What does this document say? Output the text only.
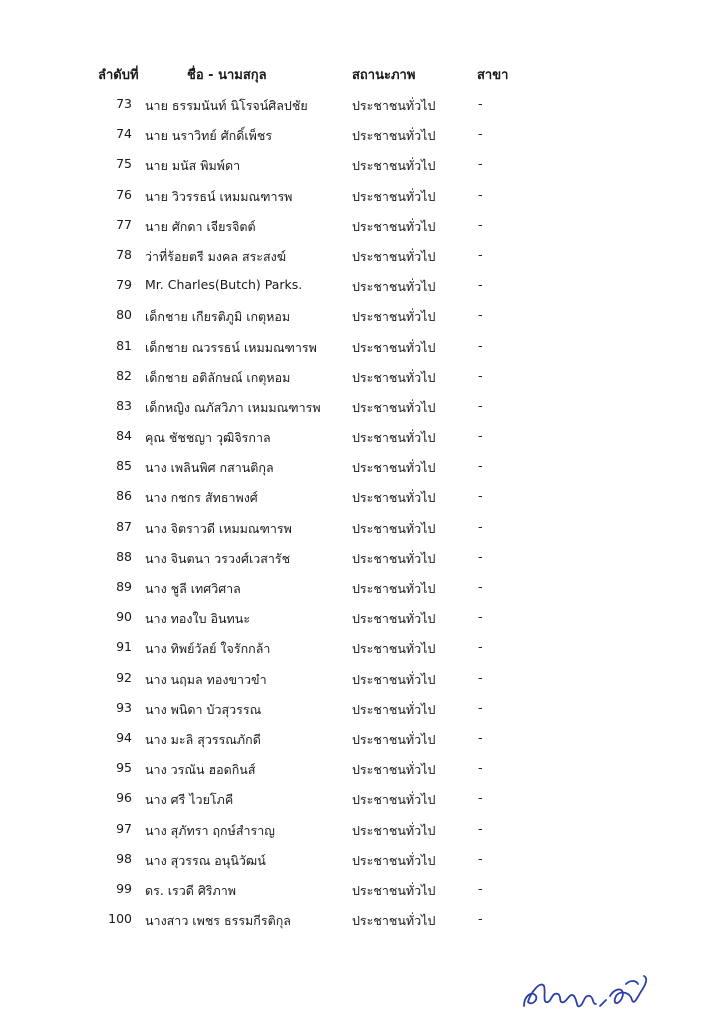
ลำดับที่	ชื่อ - นามสกุล	สถานะภาพ	สาขา
73 นาย ธรรมนันท์ นิโรจน์ศิลปชัย	ประชาชนทั่วไป	-
74 นาย นราวิทย์ ศักดิ์เพ็ชร	ประชาชนทั่วไป	-
75 นาย มนัส พิมพ์ดา	ประชาชนทั่วไป	-
76 นาย วิวรรธน์ เหมมณฑารพ	ประชาชนทั่วไป	-
77 นาย ศักดา เจียรจิตต์	ประชาชนทั่วไป	-
78 ว่าที่ร้อยตรี มงคล สระสงฆ์	ประชาชนทั่วไป	-
79 Mr. Charles(Butch) Parks.	ประชาชนทั่วไป	-
80 เด็กชาย เกียรติภูมิ เกตุหอม	ประชาชนทั่วไป	-
81 เด็กชาย ณวรรธน์ เหมมณฑารพ	ประชาชนทั่วไป	-
82 เด็กชาย อติลักษณ์ เกตุหอม	ประชาชนทั่วไป	-
83 เด็กหญิง ณภัสวิภา เหมมณฑารพ	ประชาชนทั่วไป	-
84 คุณ ชัชชญา วุฒิจิรกาล	ประชาชนทั่วไป	-
85 นาง เพลินพิศ กสานติกุล	ประชาชนทั่วไป	-
86 นาง กชกร สัทธาพงศ์	ประชาชนทั่วไป	-
87 นาง จิตราวดี เหมมณฑารพ	ประชาชนทั่วไป	-
88 นาง จินตนา วรวงศ์เวสารัช	ประชาชนทั่วไป	-
89 นาง ชูลี เทศวิศาล	ประชาชนทั่วไป	-
90 นาง ทองใบ อินทนะ	ประชาชนทั่วไป	-
91 นาง ทิพย์วัลย์ ใจรักกล้า	ประชาชนทั่วไป	-
92 นาง นฤมล ทองขาวขำ	ประชาชนทั่วไป	-
93 นาง พนิดา บัวสุวรรณ	ประชาชนทั่วไป	-
94 นาง มะลิ สุวรรณภักดี	ประชาชนทั่วไป	-
95 นาง วรณัน ฮอดกินส์	ประชาชนทั่วไป	-
96 นาง ศรี ไวยโภคี	ประชาชนทั่วไป	-
97 นาง สุภัทรา ฤกษ์สำราญ	ประชาชนทั่วไป	-
98 นาง สุวรรณ อนุนิวัฒน์	ประชาชนทั่วไป	-
99 ดร. เรวดี ศิริภาพ	ประชาชนทั่วไป	-
100 นางสาว เพชร ธรรมกีรติกุล	ประชาชนทั่วไป	-
